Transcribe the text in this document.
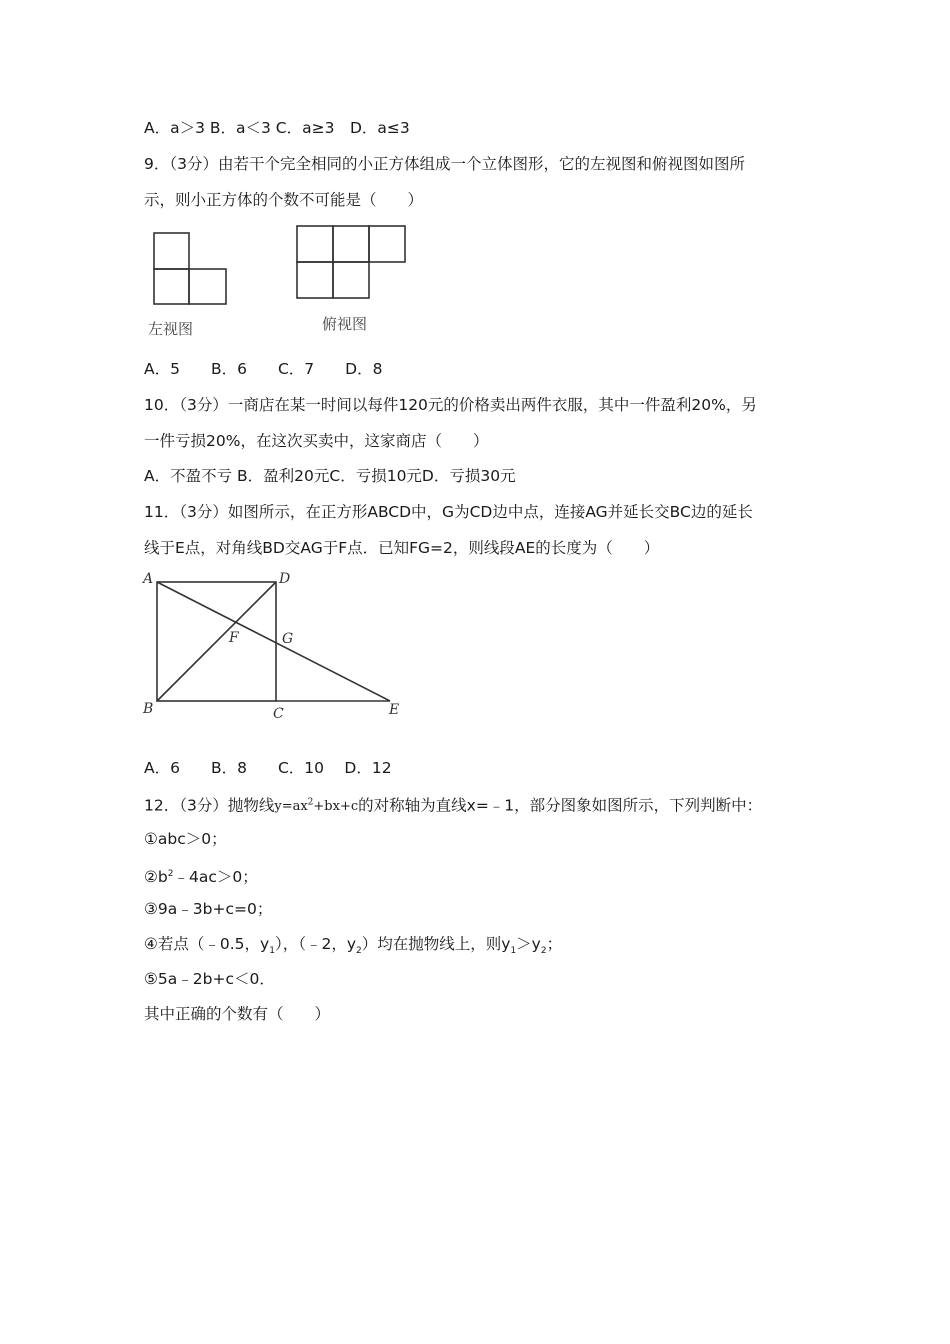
A．a＞3 B．a＜3 C．a≥3　D．a≤3
9．（3分）由若干个完全相同的小正方体组成一个立体图形，它的左视图和俯视图如图所
示，则小正方体的个数不可能是（　　）
左视图	俯视图
A．5　　B．6　　C．7　　D．8
10．（3分）一商店在某一时间以每件120元的价格卖出两件衣服，其中一件盈利20%，另
一件亏损20%，在这次买卖中，这家商店（　　）
A．不盈不亏 B．盈利20元C．亏损10元D．亏损30元
11．（3分）如图所示，在正方形ABCD中，G为CD边中点，连接AG并延长交BC边的延长
线于E点，对角线BD交AG于F点．已知FG=2，则线段AE的长度为（　　）
A	D
F	G
B	C	E
A．6　　B．8　　C．10　 D．12
12．（3分）抛物线$y=ax^2+bx+c$的对称轴为直线x=﹣1，部分图象如图所示，下列判断中：
①abc＞0；
$②b^2﹣4ac>0$；
③9a﹣3b+c=0；
④若点（﹣0.5，$y_1$），（﹣2，$y_2$）均在抛物线上，则$y_1>y_2$；
⑤5a﹣2b+c＜0．
其中正确的个数有（　　）
